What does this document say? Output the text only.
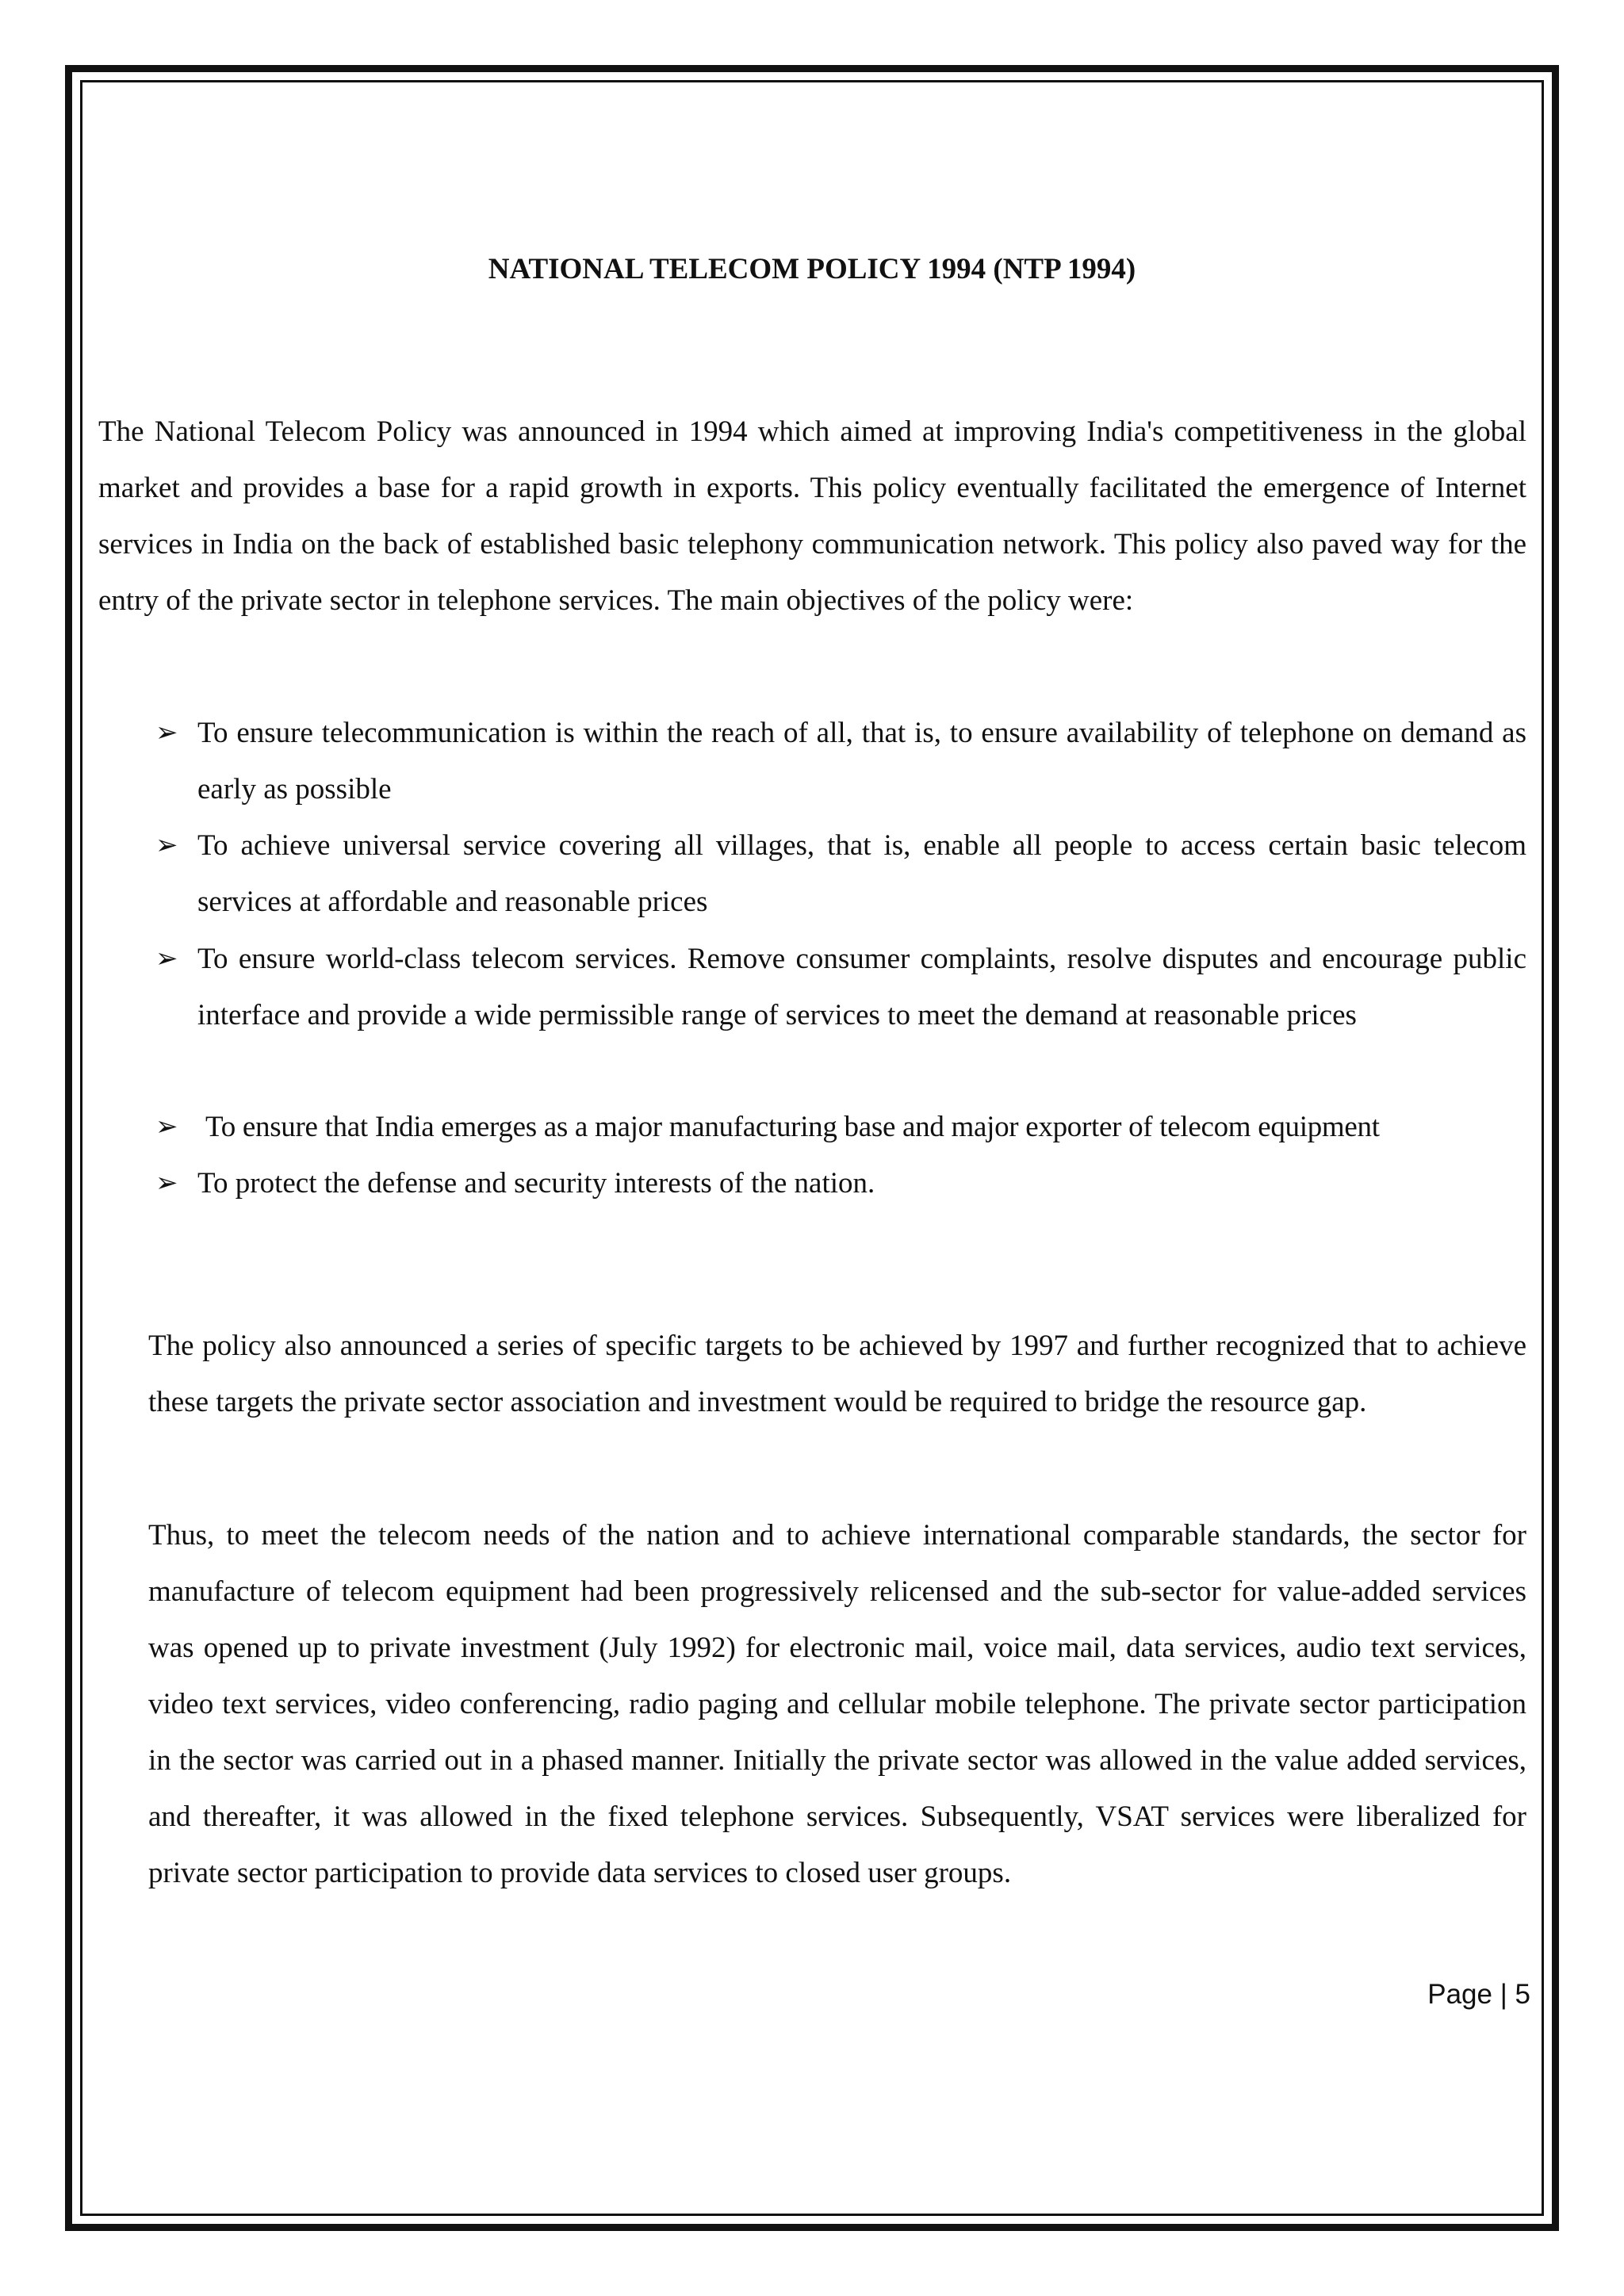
NATIONAL TELECOM POLICY 1994 (NTP 1994)

The National Telecom Policy was announced in 1994 which aimed at improving India's competitiveness in the global market and provides a base for a rapid growth in exports. This policy eventually facilitated the emergence of Internet services in India on the back of established basic telephony communication network. This policy also paved way for the entry of the private sector in telephone services. The main objectives of the policy were:

➢ To ensure telecommunication is within the reach of all, that is, to ensure availability of telephone on demand as early as possible
➢ To achieve universal service covering all villages, that is, enable all people to access certain basic telecom services at affordable and reasonable prices
➢ To ensure world-class telecom services. Remove consumer complaints, resolve disputes and encourage public interface and provide a wide permissible range of services to meet the demand at reasonable prices
➢ To ensure that India emerges as a major manufacturing base and major exporter of telecom equipment
➢ To protect the defense and security interests of the nation.

The policy also announced a series of specific targets to be achieved by 1997 and further recognized that to achieve these targets the private sector association and investment would be required to bridge the resource gap.

Thus, to meet the telecom needs of the nation and to achieve international comparable standards, the sector for manufacture of telecom equipment had been progressively relicensed and the sub-sector for value-added services was opened up to private investment (July 1992) for electronic mail, voice mail, data services, audio text services, video text services, video conferencing, radio paging and cellular mobile telephone. The private sector participation in the sector was carried out in a phased manner. Initially the private sector was allowed in the value added services, and thereafter, it was allowed in the fixed telephone services. Subsequently, VSAT services were liberalized for private sector participation to provide data services to closed user groups.

Page | 5
